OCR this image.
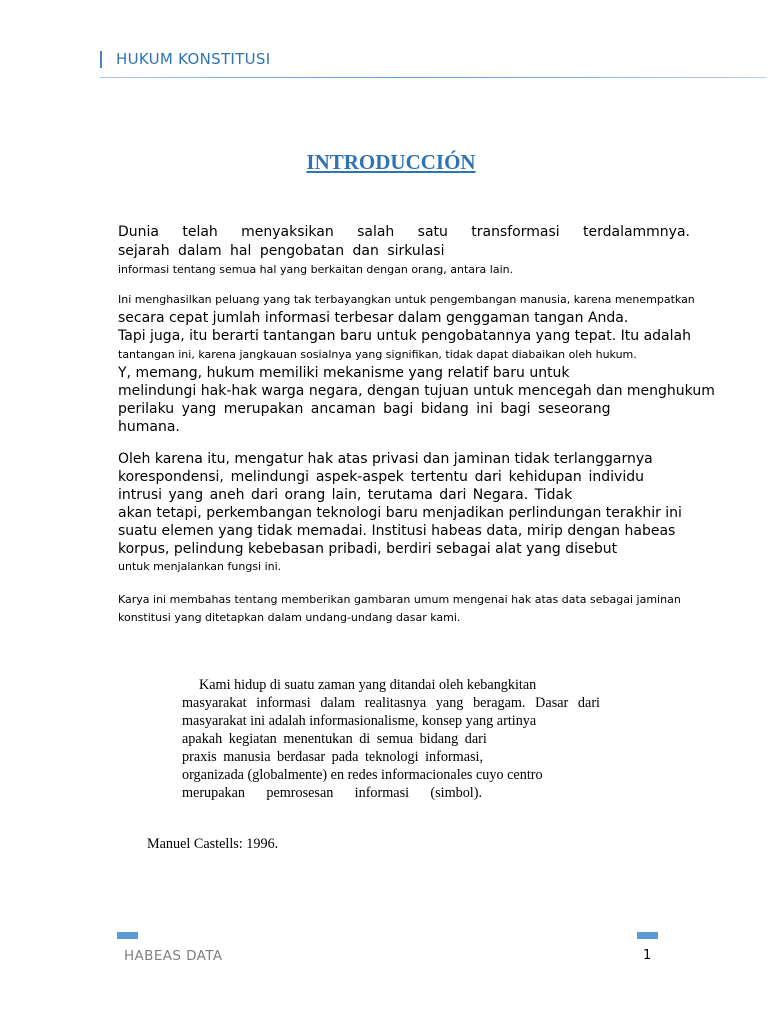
HUKUM KONSTITUSI
INTRODUCCIÓN
Dunia telah menyaksikan salah satu transformasi terdalammnya.
sejarah dalam hal pengobatan dan sirkulasi
informasi tentang semua hal yang berkaitan dengan orang, antara lain.
Ini menghasilkan peluang yang tak terbayangkan untuk pengembangan manusia, karena menempatkan
secara cepat jumlah informasi terbesar dalam genggaman tangan Anda.
Tapi juga, itu berarti tantangan baru untuk pengobatannya yang tepat. Itu adalah
tantangan ini, karena jangkauan sosialnya yang signifikan, tidak dapat diabaikan oleh hukum.
Y, memang, hukum memiliki mekanisme yang relatif baru untuk
melindungi hak-hak warga negara, dengan tujuan untuk mencegah dan menghukum
perilaku yang merupakan ancaman bagi bidang ini bagi seseorang
humana.
Oleh karena itu, mengatur hak atas privasi dan jaminan tidak terlanggarnya
korespondensi, melindungi aspek-aspek tertentu dari kehidupan individu
intrusi yang aneh dari orang lain, terutama dari Negara. Tidak
akan tetapi, perkembangan teknologi baru menjadikan perlindungan terakhir ini
suatu elemen yang tidak memadai. Institusi habeas data, mirip dengan habeas
korpus, pelindung kebebasan pribadi, berdiri sebagai alat yang disebut
untuk menjalankan fungsi ini.
Karya ini membahas tentang memberikan gambaran umum mengenai hak atas data sebagai jaminan
konstitusi yang ditetapkan dalam undang-undang dasar kami.
Kami hidup di suatu zaman yang ditandai oleh kebangkitan
masyarakat informasi dalam realitasnya yang beragam. Dasar dari
masyarakat ini adalah informasionalisme, konsep yang artinya
apakah kegiatan menentukan di semua bidang dari
praxis manusia berdasar pada teknologi informasi,
organizada (globalmente) en redes informacionales cuyo centro
merupakan pemrosesan informasi (simbol).
Manuel Castells: 1996.
HABEAS DATA	1
